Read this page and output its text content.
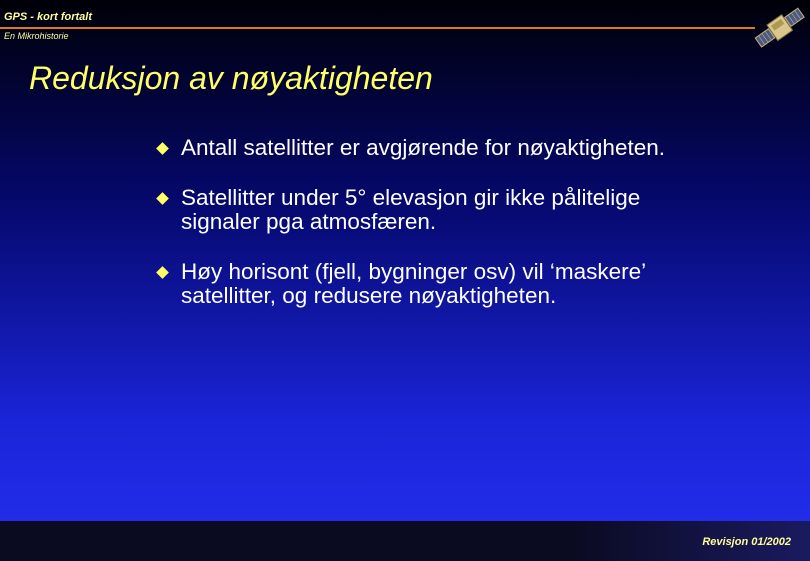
GPS - kort fortalt
En Mikrohistorie
Reduksjon av nøyaktigheten
Antall satellitter er avgjørende for nøyaktigheten.
Satellitter under 5° elevasjon gir ikke pålitelige signaler pga atmosfæren.
Høy horisont (fjell, bygninger osv) vil ‘maskere’ satellitter, og redusere nøyaktigheten.
Revisjon 01/2002
